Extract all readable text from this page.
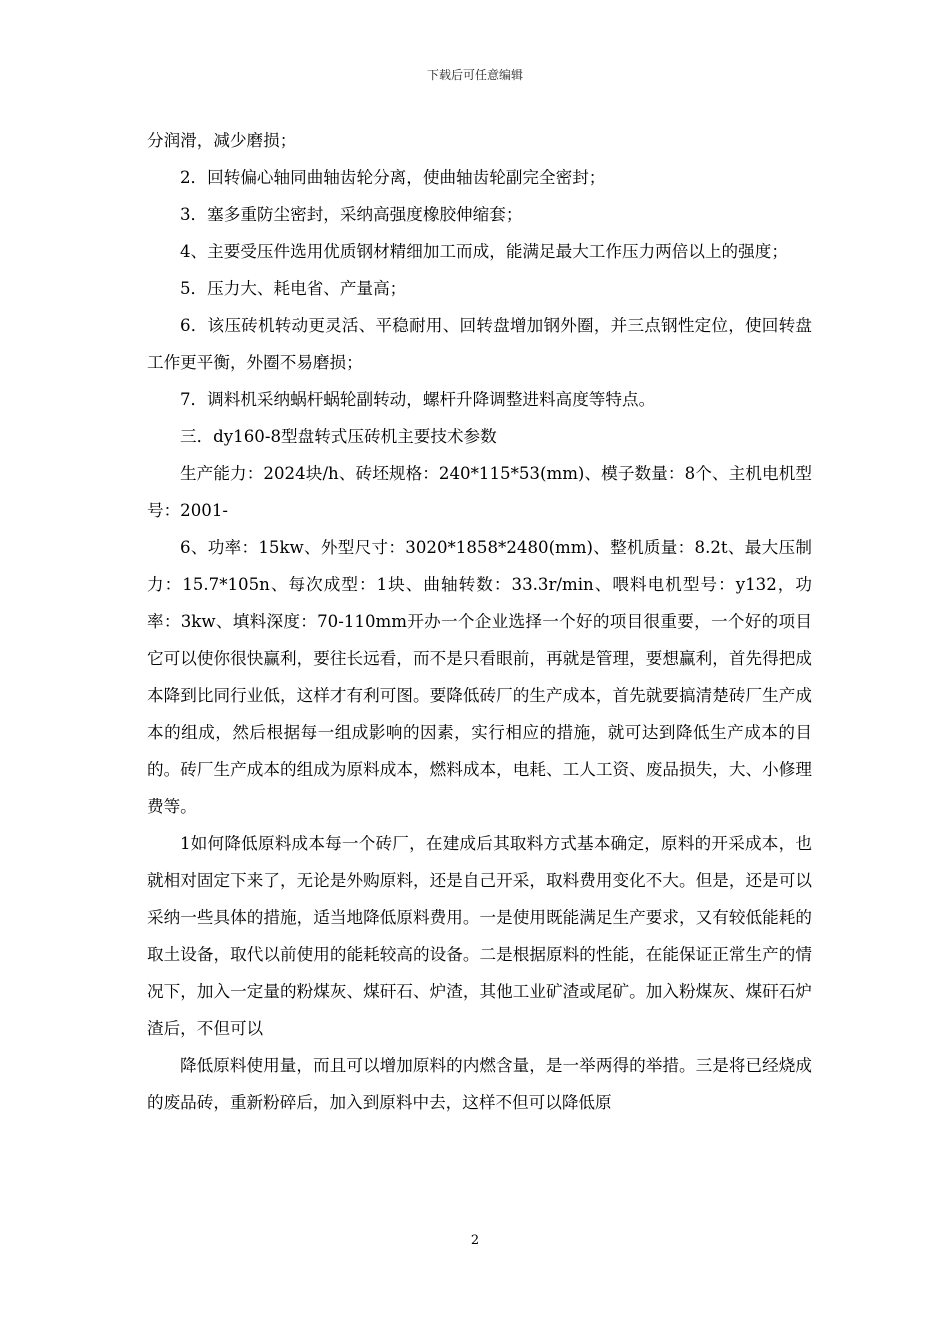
下载后可任意编辑

分润滑，减少磨损；

2．回转偏心轴同曲轴齿轮分离，使曲轴齿轮副完全密封；

3．塞多重防尘密封，采纳高强度橡胶伸缩套；

4、主要受压件选用优质钢材精细加工而成，能满足最大工作压力两倍以上的强度；

5．压力大、耗电省、产量高；

6．该压砖机转动更灵活、平稳耐用、回转盘增加钢外圈，并三点钢性定位，使回转盘工作更平衡，外圈不易磨损；

7．调料机采纳蜗杆蜗轮副转动，螺杆升降调整进料高度等特点。

三．dy160-8型盘转式压砖机主要技术参数

生产能力：2024块/h、砖坯规格：240*115*53(mm)、模子数量：8个、主机电机型号：2001-

6、功率：15kw、外型尺寸：3020*1858*2480(mm)、整机质量：8.2t、最大压制力：15.7*105n、每次成型：1块、曲轴转数：33.3r/min、喂料电机型号：y132，功率：3kw、填料深度：70-110mm开办一个企业选择一个好的项目很重要，一个好的项目它可以使你很快赢利，要往长远看，而不是只看眼前，再就是管理，要想赢利，首先得把成本降到比同行业低，这样才有利可图。要降低砖厂的生产成本，首先就要搞清楚砖厂生产成本的组成，然后根据每一组成影响的因素，实行相应的措施，就可达到降低生产成本的目的。砖厂生产成本的组成为原料成本，燃料成本，电耗、工人工资、废品损失，大、小修理费等。

1如何降低原料成本每一个砖厂，在建成后其取料方式基本确定，原料的开采成本，也就相对固定下来了，无论是外购原料，还是自己开采，取料费用变化不大。但是，还是可以采纳一些具体的措施，适当地降低原料费用。一是使用既能满足生产要求，又有较低能耗的取土设备，取代以前使用的能耗较高的设备。二是根据原料的性能，在能保证正常生产的情况下，加入一定量的粉煤灰、煤矸石、炉渣，其他工业矿渣或尾矿。加入粉煤灰、煤矸石炉渣后，不但可以

降低原料使用量，而且可以增加原料的内燃含量，是一举两得的举措。三是将已经烧成的废品砖，重新粉碎后，加入到原料中去，这样不但可以降低原

2
